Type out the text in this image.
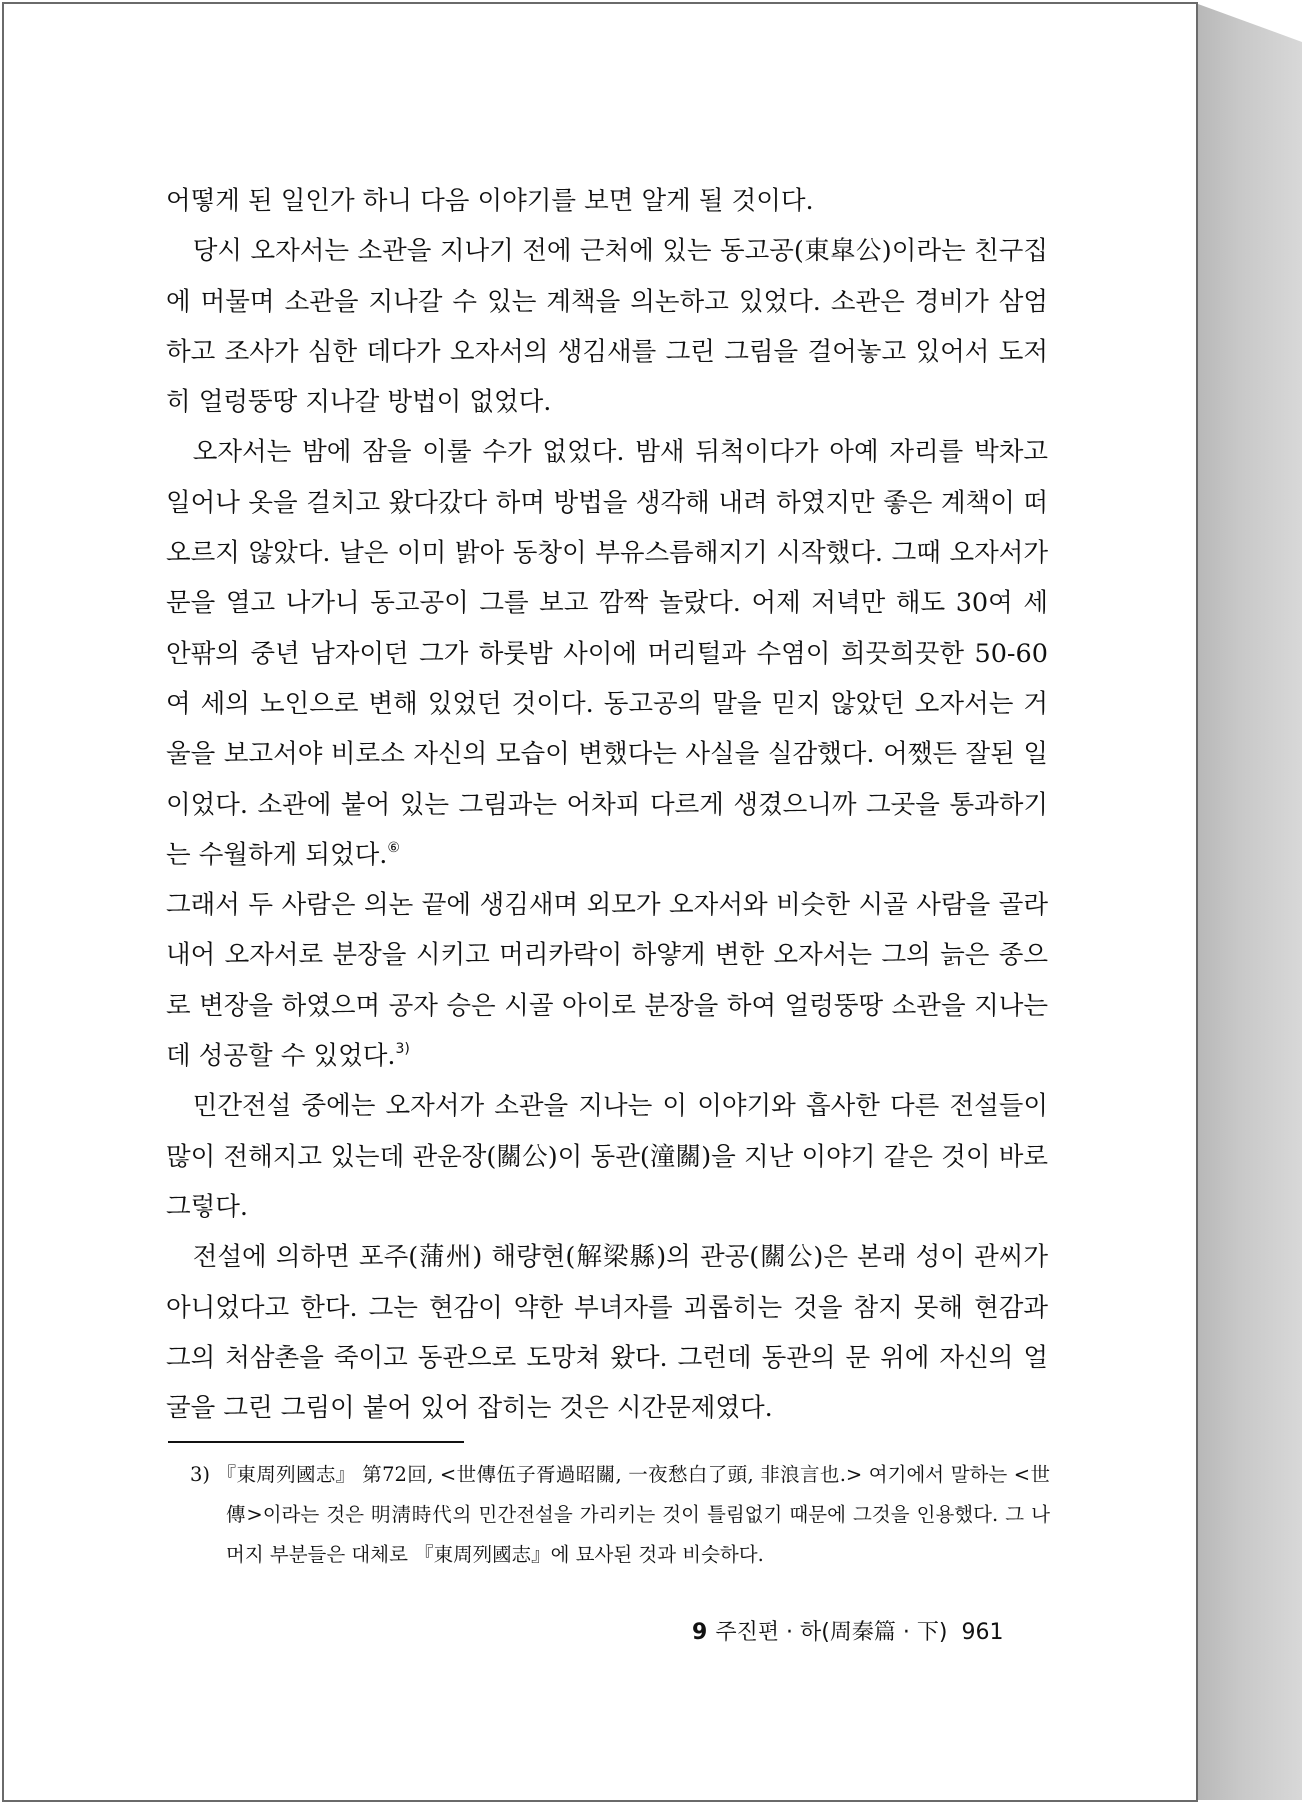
어떻게 된 일인가 하니 다음 이야기를 보면 알게 될 것이다.

당시 오자서는 소관을 지나기 전에 근처에 있는 동고공(東皐公)이라는 친구집에 머물며 소관을 지나갈 수 있는 계책을 의논하고 있었다. 소관은 경비가 삼엄하고 조사가 심한 데다가 오자서의 생김새를 그린 그림을 걸어놓고 있어서 도저히 얼렁뚱땅 지나갈 방법이 없었다.

오자서는 밤에 잠을 이룰 수가 없었다. 밤새 뒤척이다가 아예 자리를 박차고 일어나 옷을 걸치고 왔다갔다 하며 방법을 생각해 내려 하였지만 좋은 계책이 떠오르지 않았다. 날은 이미 밝아 동창이 부유스름해지기 시작했다. 그때 오자서가 문을 열고 나가니 동고공이 그를 보고 깜짝 놀랐다. 어제 저녁만 해도 30여 세 안팎의 중년 남자이던 그가 하룻밤 사이에 머리털과 수염이 희끗희끗한 50-60여 세의 노인으로 변해 있었던 것이다. 동고공의 말을 믿지 않았던 오자서는 거울을 보고서야 비로소 자신의 모습이 변했다는 사실을 실감했다. 어쨌든 잘된 일이었다. 소관에 붙어 있는 그림과는 어차피 다르게 생겼으니까 그곳을 통과하기는 수월하게 되었다.⑥

그래서 두 사람은 의논 끝에 생김새며 외모가 오자서와 비슷한 시골 사람을 골라내어 오자서로 분장을 시키고 머리카락이 하얗게 변한 오자서는 그의 늙은 종으로 변장을 하였으며 공자 승은 시골 아이로 분장을 하여 얼렁뚱땅 소관을 지나는데 성공할 수 있었다.$^{3)}$

민간전설 중에는 오자서가 소관을 지나는 이 이야기와 흡사한 다른 전설들이 많이 전해지고 있는데 관운장(關公)이 동관(潼關)을 지난 이야기 같은 것이 바로 그렇다.

전설에 의하면 포주(蒲州) 해량현(解梁縣)의 관공(關公)은 본래 성이 관씨가 아니었다고 한다. 그는 현감이 약한 부녀자를 괴롭히는 것을 참지 못해 현감과 그의 처삼촌을 죽이고 동관으로 도망쳐 왔다. 그런데 동관의 문 위에 자신의 얼굴을 그린 그림이 붙어 있어 잡히는 것은 시간문제였다.

3) 『東周列國志』 第72回, <世傳伍子胥過昭關, 一夜愁白了頭, 非浪言也.> 여기에서 말하는 <世傳>이라는 것은 明淸時代의 민간전설을 가리키는 것이 틀림없기 때문에 그것을 인용했다. 그 나머지 부분들은 대체로 『東周列國志』에 묘사된 것과 비슷하다.
9 주진편 · 하(周秦篇 · 下) 961
